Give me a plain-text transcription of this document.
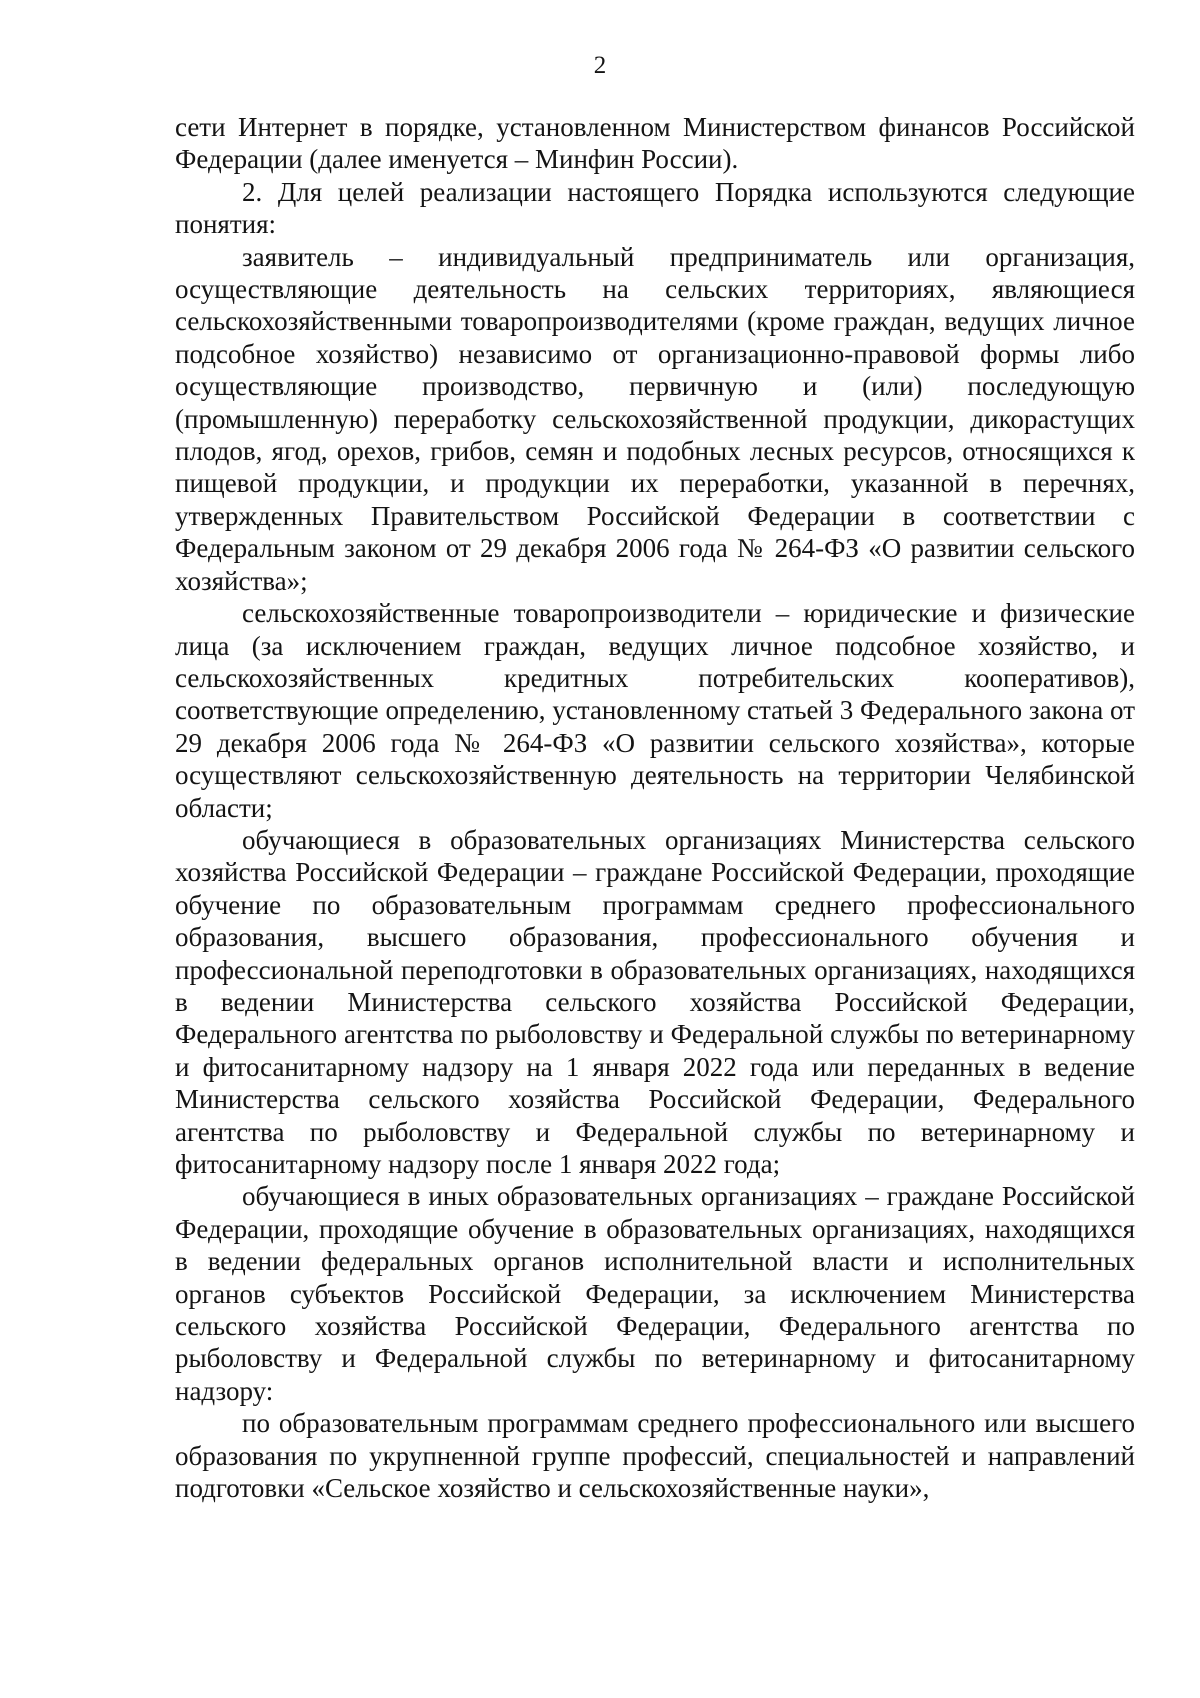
2

сети Интернет в порядке, установленном Министерством финансов Российской Федерации (далее именуется – Минфин России).

2. Для целей реализации настоящего Порядка используются следующие понятия:

заявитель – индивидуальный предприниматель или организация, осуществляющие деятельность на сельских территориях, являющиеся сельскохозяйственными товаропроизводителями (кроме граждан, ведущих личное подсобное хозяйство) независимо от организационно-правовой формы либо осуществляющие производство, первичную и (или) последующую (промышленную) переработку сельскохозяйственной продукции, дикорастущих плодов, ягод, орехов, грибов, семян и подобных лесных ресурсов, относящихся к пищевой продукции, и продукции их переработки, указанной в перечнях, утвержденных Правительством Российской Федерации в соответствии с Федеральным законом от 29 декабря 2006 года № 264-ФЗ «О развитии сельского хозяйства»;

сельскохозяйственные товаропроизводители – юридические и физические лица (за исключением граждан, ведущих личное подсобное хозяйство, и сельскохозяйственных кредитных потребительских кооперативов), соответствующие определению, установленному статьей 3 Федерального закона от 29 декабря 2006 года № 264-ФЗ «О развитии сельского хозяйства», которые осуществляют сельскохозяйственную деятельность на территории Челябинской области;

обучающиеся в образовательных организациях Министерства сельского хозяйства Российской Федерации – граждане Российской Федерации, проходящие обучение по образовательным программам среднего профессионального образования, высшего образования, профессионального обучения и профессиональной переподготовки в образовательных организациях, находящихся в ведении Министерства сельского хозяйства Российской Федерации, Федерального агентства по рыболовству и Федеральной службы по ветеринарному и фитосанитарному надзору на 1 января 2022 года или переданных в ведение Министерства сельского хозяйства Российской Федерации, Федерального агентства по рыболовству и Федеральной службы по ветеринарному и фитосанитарному надзору после 1 января 2022 года;

обучающиеся в иных образовательных организациях – граждане Российской Федерации, проходящие обучение в образовательных организациях, находящихся в ведении федеральных органов исполнительной власти и исполнительных органов субъектов Российской Федерации, за исключением Министерства сельского хозяйства Российской Федерации, Федерального агентства по рыболовству и Федеральной службы по ветеринарному и фитосанитарному надзору:

по образовательным программам среднего профессионального или высшего образования по укрупненной группе профессий, специальностей и направлений подготовки «Сельское хозяйство и сельскохозяйственные науки»,
